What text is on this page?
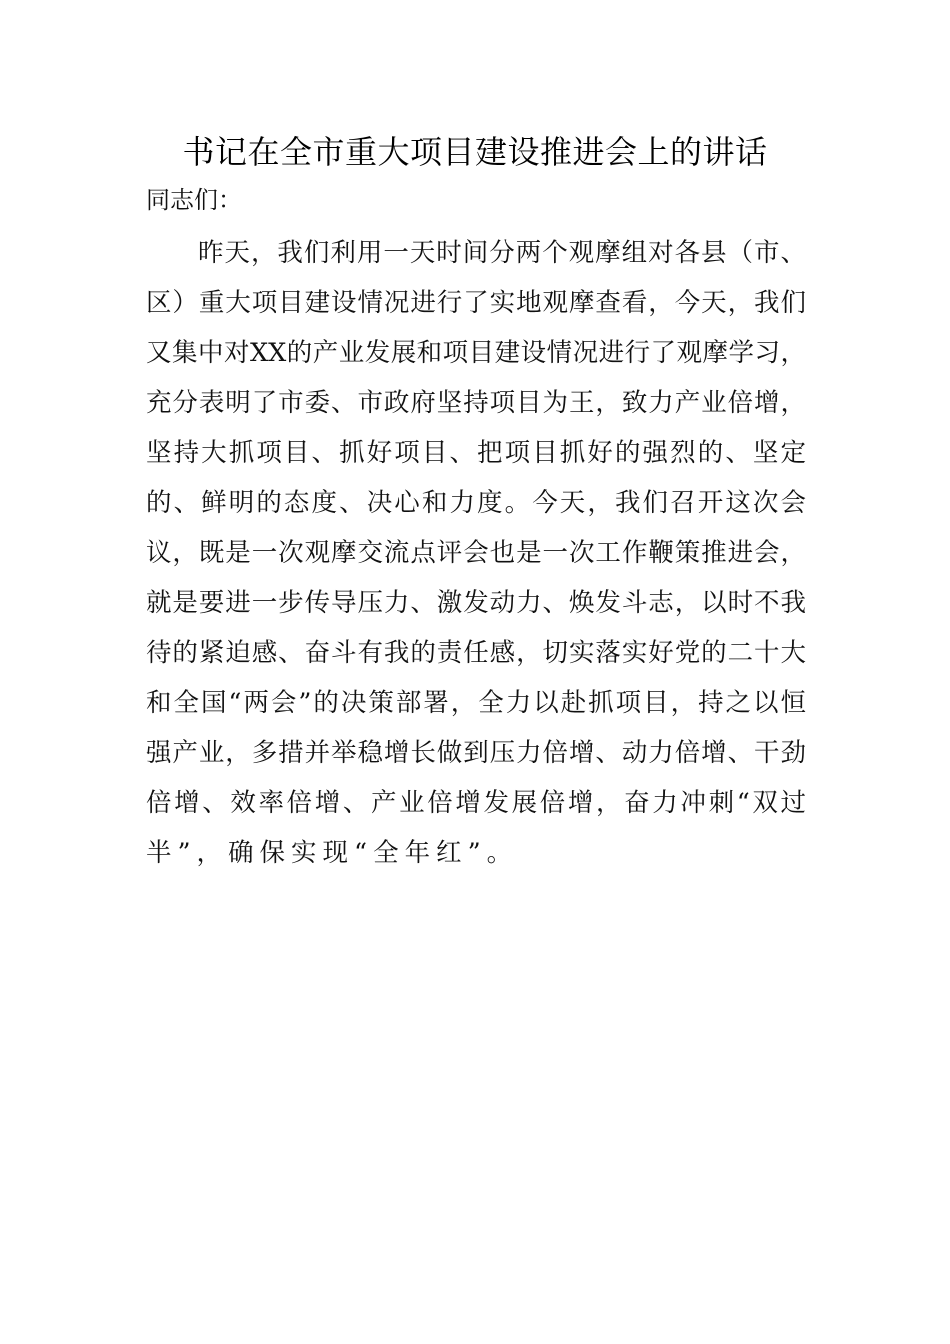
书记在全市重大项目建设推进会上的讲话
同志们：
昨天，我们利用一天时间分两个观摩组对各县（市、
区）重大项目建设情况进行了实地观摩查看，今天，我们
又集中对XX的产业发展和项目建设情况进行了观摩学习，
充分表明了市委、市政府坚持项目为王，致力产业倍增，
坚持大抓项目、抓好项目、把项目抓好的强烈的、坚定
的、鲜明的态度、决心和力度。今天，我们召开这次会
议，既是一次观摩交流点评会也是一次工作鞭策推进会，
就是要进一步传导压力、激发动力、焕发斗志，以时不我
待的紧迫感、奋斗有我的责任感，切实落实好党的二十大
和全国“两会”的决策部署，全力以赴抓项目，持之以恒
强产业，多措并举稳增长做到压力倍增、动力倍增、干劲
倍增、效率倍增、产业倍增发展倍增，奋力冲刺“双过
半”，确保实现“全年红”。
